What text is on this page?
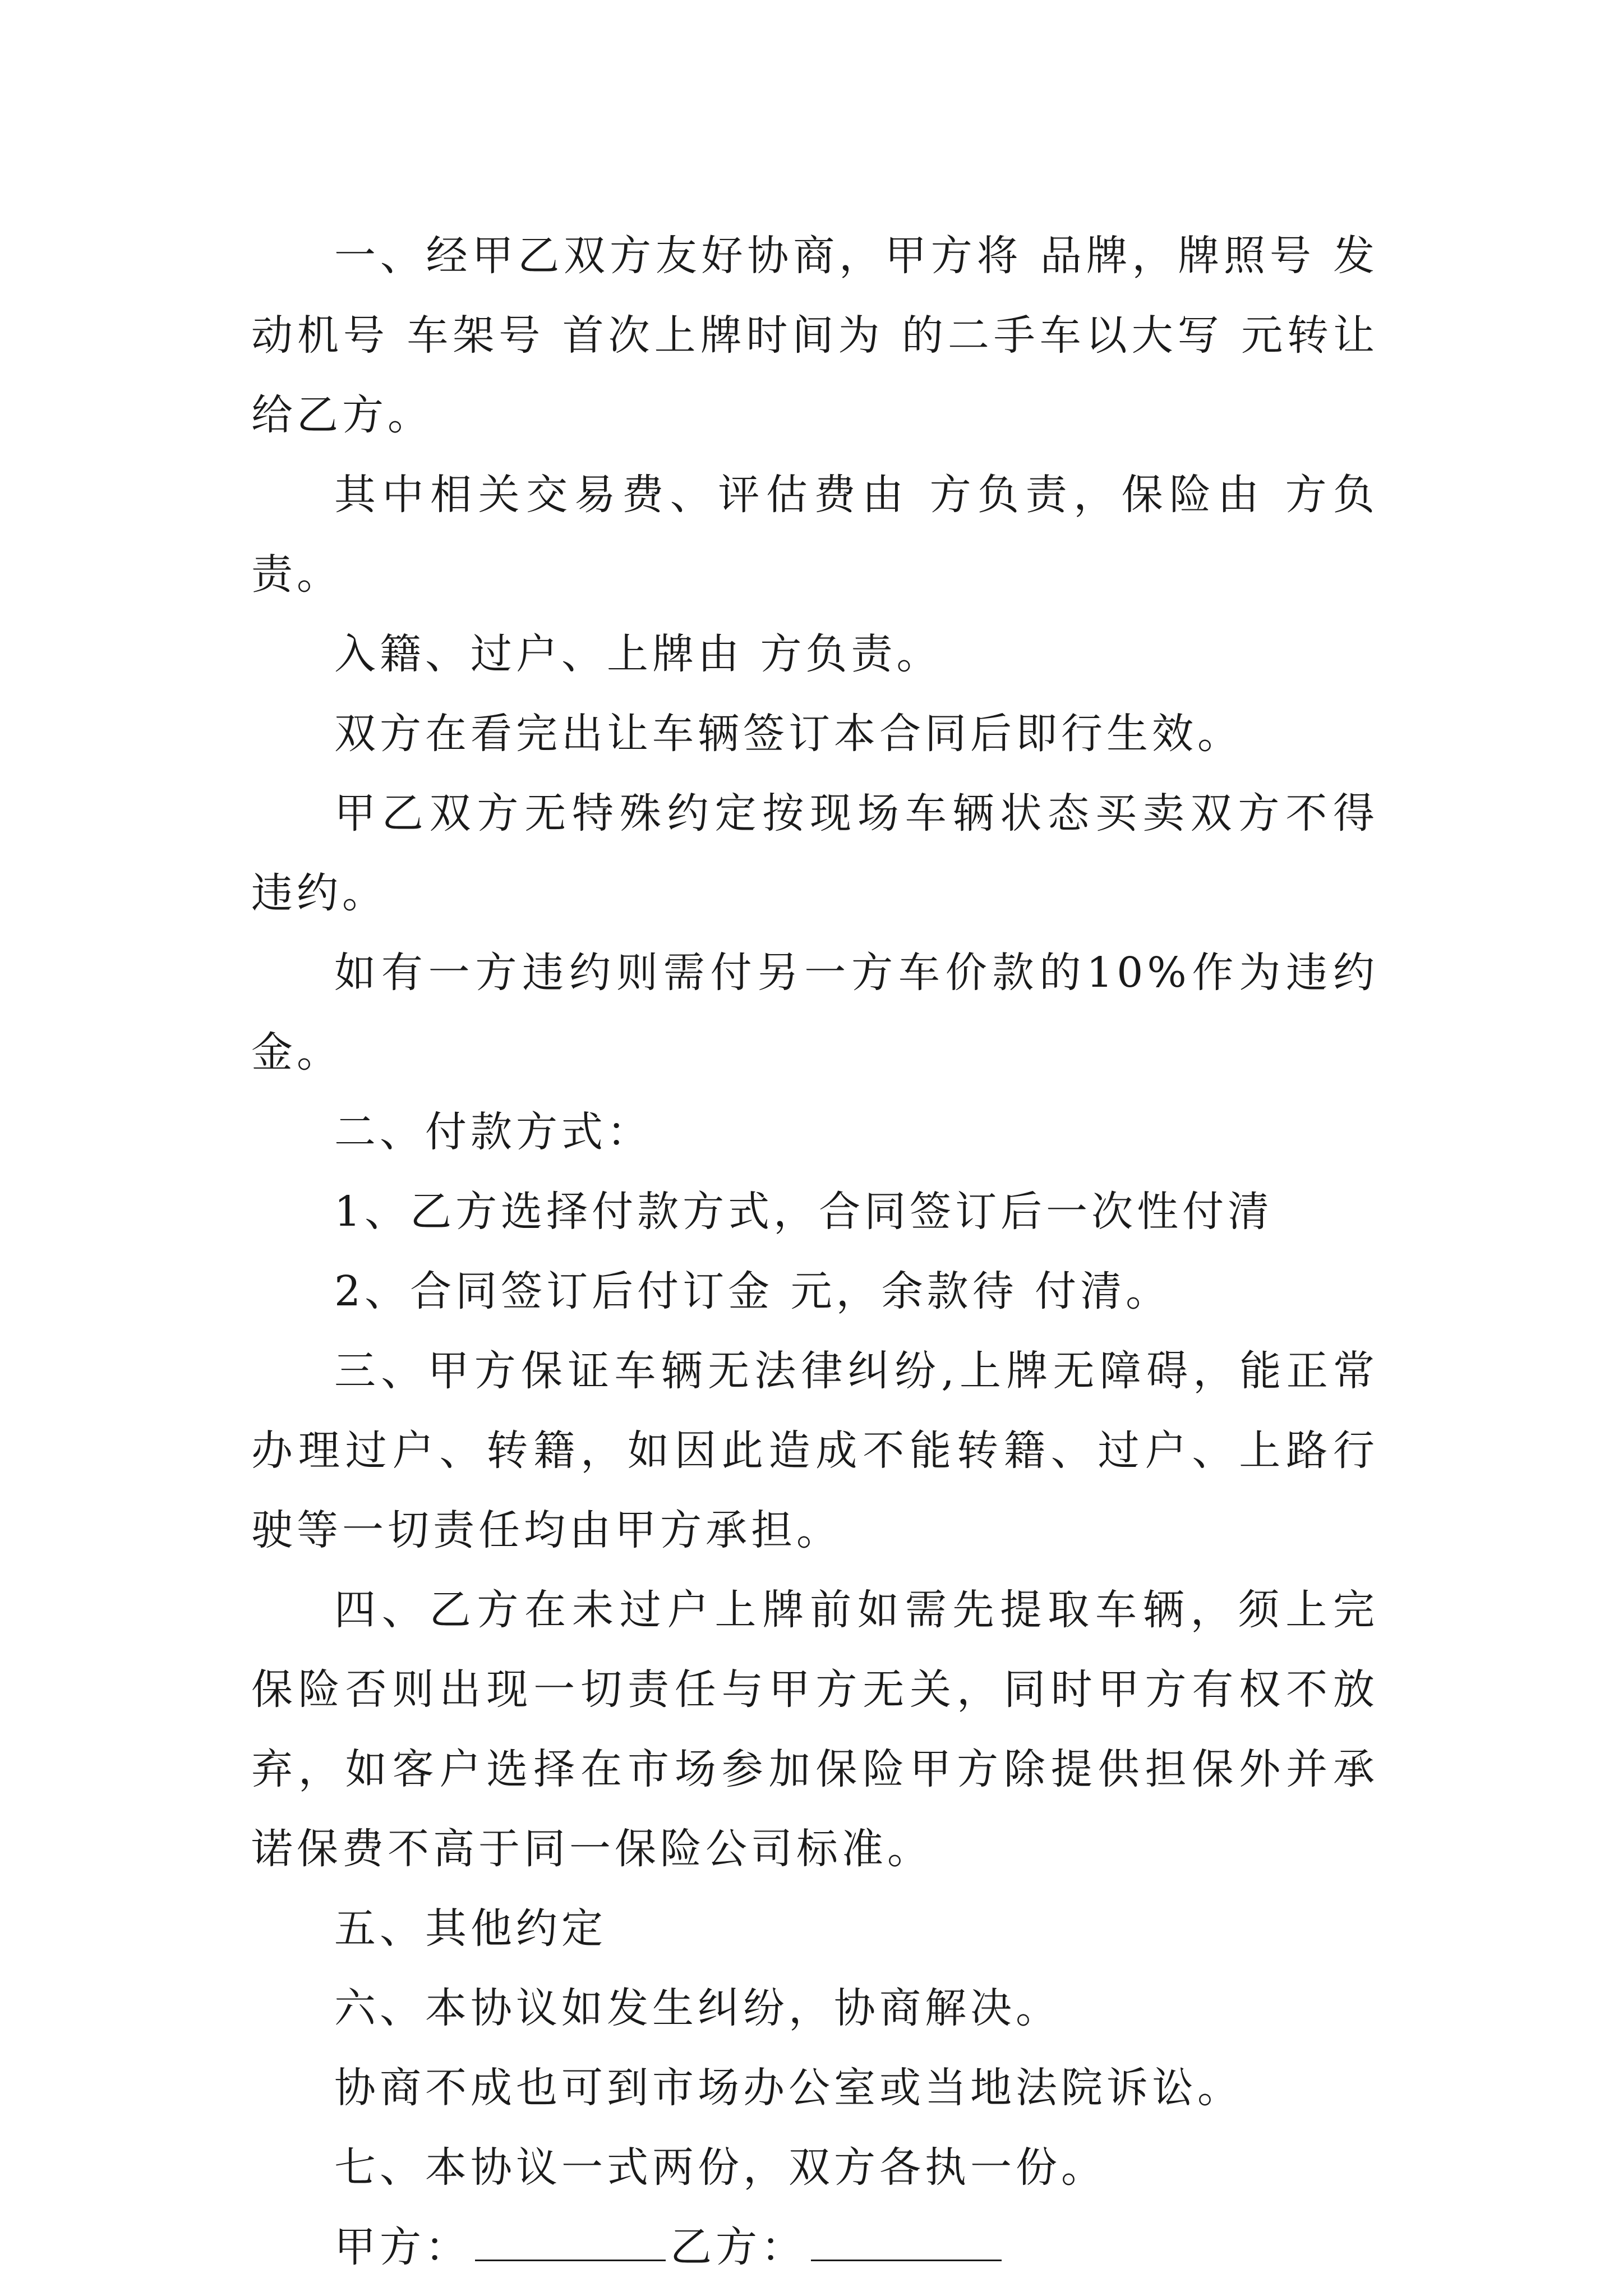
一、经甲乙双方友好协商，甲方将 品牌，牌照号 发动机号 车架号 首次上牌时间为 的二手车以大写 元转让给乙方。

其中相关交易费、评估费由 方负责，保险由 方负责。

入籍、过户、上牌由 方负责。

双方在看完出让车辆签订本合同后即行生效。

甲乙双方无特殊约定按现场车辆状态买卖双方不得违约。

如有一方违约则需付另一方车价款的10%作为违约金。

二、付款方式：

1、乙方选择付款方式，合同签订后一次性付清

2、合同签订后付订金 元，余款待 付清。

三、甲方保证车辆无法律纠纷,上牌无障碍，能正常办理过户、转籍，如因此造成不能转籍、过户、上路行驶等一切责任均由甲方承担。

四、乙方在未过户上牌前如需先提取车辆，须上完保险否则出现一切责任与甲方无关，同时甲方有权不放弃，如客户选择在市场参加保险甲方除提供担保外并承诺保费不高于同一保险公司标准。

五、其他约定

六、本协议如发生纠纷，协商解决。

协商不成也可到市场办公室或当地法院诉讼。

七、本协议一式两份，双方各执一份。

甲方：	乙方：
